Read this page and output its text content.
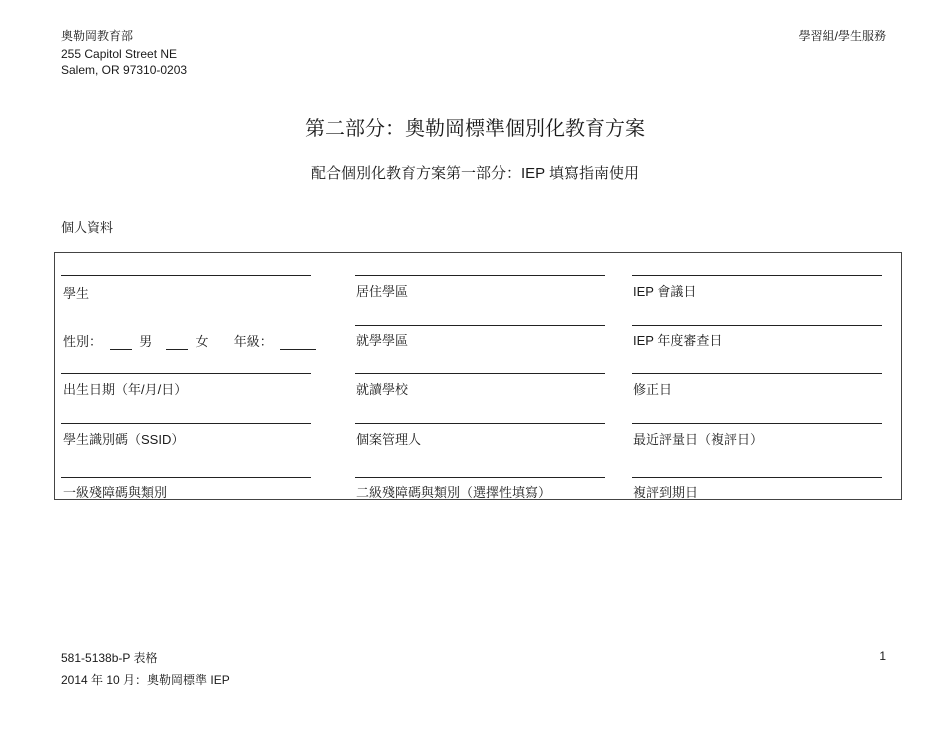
奧勒岡教育部
255 Capitol Street NE
Salem, OR 97310-0203
學習組/學生服務
第二部分：奧勒岡標準個別化教育方案
配合個別化教育方案第一部分：IEP 填寫指南使用
個人資料
學生
性別：	男	女 年級：
出生日期（年/月/日）
學生識別碼（SSID）
一級殘障碼與類別
居住學區
就學學區
就讀學校
個案管理人
二級殘障碼與類別（選擇性填寫）
IEP 會議日
IEP 年度審查日
修正日
最近評量日（複評日）
複評到期日
581-5138b-P 表格
2014 年 10 月：奧勒岡標準 IEP
1
